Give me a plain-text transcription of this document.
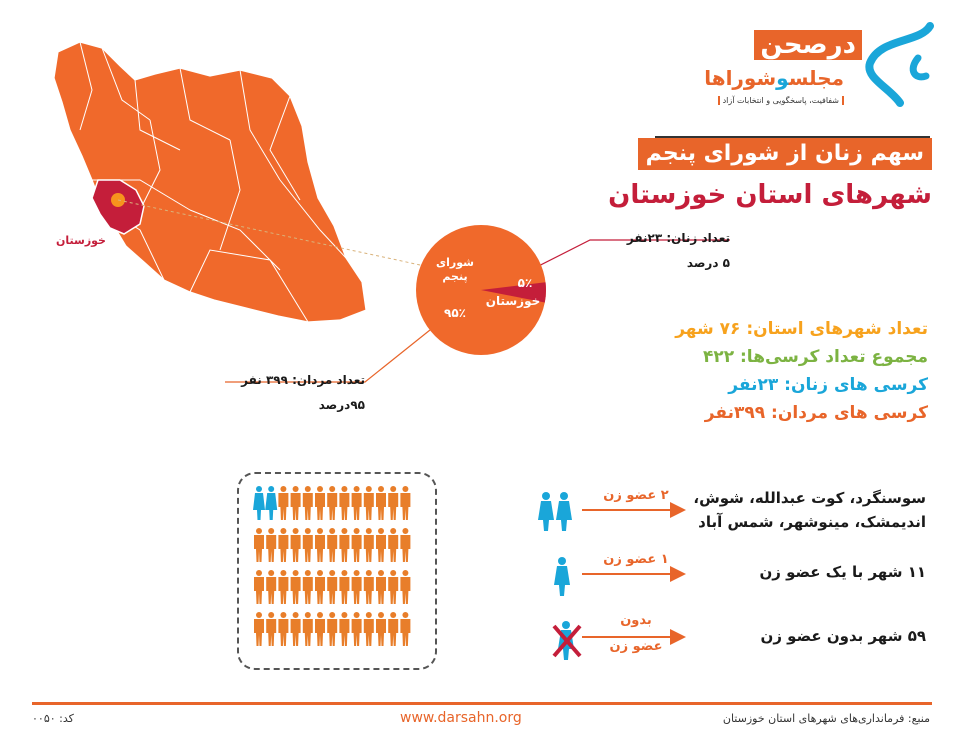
درصحن
مجلسوشوراها
شفافیت، پاسخگویی و انتخابات آزاد
سهم زنان از شورای پنجم
شهرهای استان خوزستان
خوزستان
شورای پنجم
۹۵٪
۵٪
خوزستان
تعداد زنان: ۲۳نفر
۵ درصد
تعداد مردان: ۳۹۹ نفر
۹۵درصد
تعداد شهرهای استان: ۷۶ شهر
مجموع تعداد کرسی‌ها: ۴۲۲
کرسی های زنان: ۲۳نفر
کرسی های مردان: ۳۹۹نفر
۲ عضو زن
۱ عضو زن
بدون
عضو زن
سوسنگرد، کوت عبدالله، شوش،
اندیمشک، مینوشهر، شمس آباد
۱۱ شهر با یک عضو زن
۵۹ شهر بدون عضو زن
کد: ۰۰۵۰	www.darsahn.org	منبع: فرمانداری‌های شهرهای استان خوزستان
